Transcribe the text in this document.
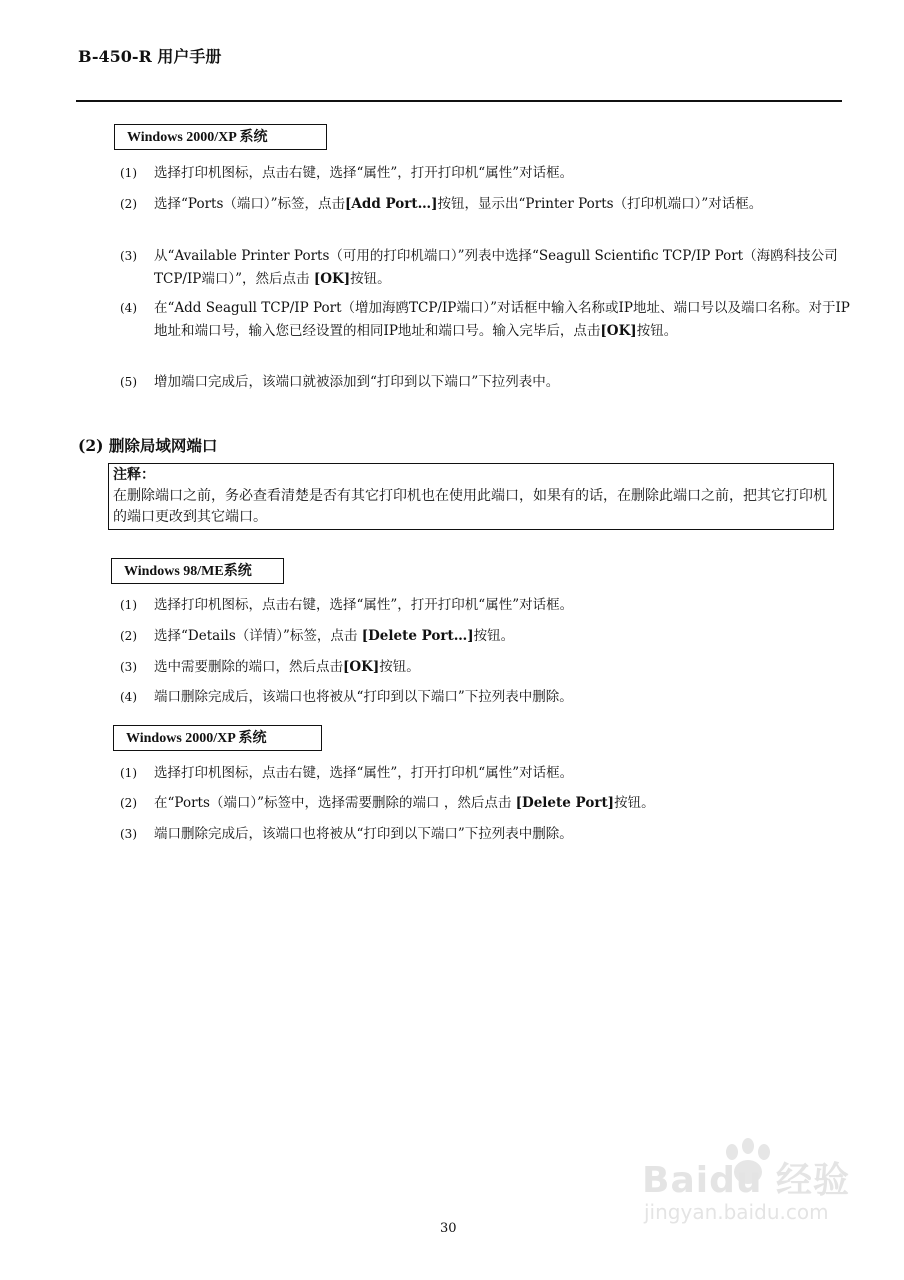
B-450-R 用户手册
Windows 2000/XP 系统
(1) 选择打印机图标，点击右键，选择“属性”，打开打印机“属性”对话框。
(2) 选择“Ports（端口）”标签，点击[Add Port…]按钮，显示出“Printer Ports（打印机端口）”对话框。
(3) 从“Available Printer Ports（可用的打印机端口）”列表中选择“Seagull Scientific TCP/IP Port（海鸥科技公司TCP/IP端口）”，然后点击 [OK]按钮。
(4) 在“Add Seagull TCP/IP Port（增加海鸥TCP/IP端口）”对话框中输入名称或IP地址、端口号以及端口名称。对于IP地址和端口号，输入您已经设置的相同IP地址和端口号。输入完毕后，点击[OK]按钮。
(5) 增加端口完成后，该端口就被添加到“打印到以下端口”下拉列表中。
(2) 删除局域网端口
注释：
在删除端口之前，务必查看清楚是否有其它打印机也在使用此端口，如果有的话，在删除此端口之前，把其它打印机的端口更改到其它端口。
Windows 98/ME系统
(1) 选择打印机图标，点击右键，选择“属性”，打开打印机“属性”对话框。
(2) 选择“Details（详情）”标签，点击 [Delete Port…]按钮。
(3) 选中需要删除的端口，然后点击[OK]按钮。
(4) 端口删除完成后，该端口也将被从“打印到以下端口”下拉列表中删除。
Windows 2000/XP 系统
(1) 选择打印机图标，点击右键，选择“属性”，打开打印机“属性”对话框。
(2) 在“Ports（端口）”标签中，选择需要删除的端口 ，然后点击 [Delete Port]按钮。
(3) 端口删除完成后，该端口也将被从“打印到以下端口”下拉列表中删除。
Baidu 经验
jingyan.baidu.com
30
